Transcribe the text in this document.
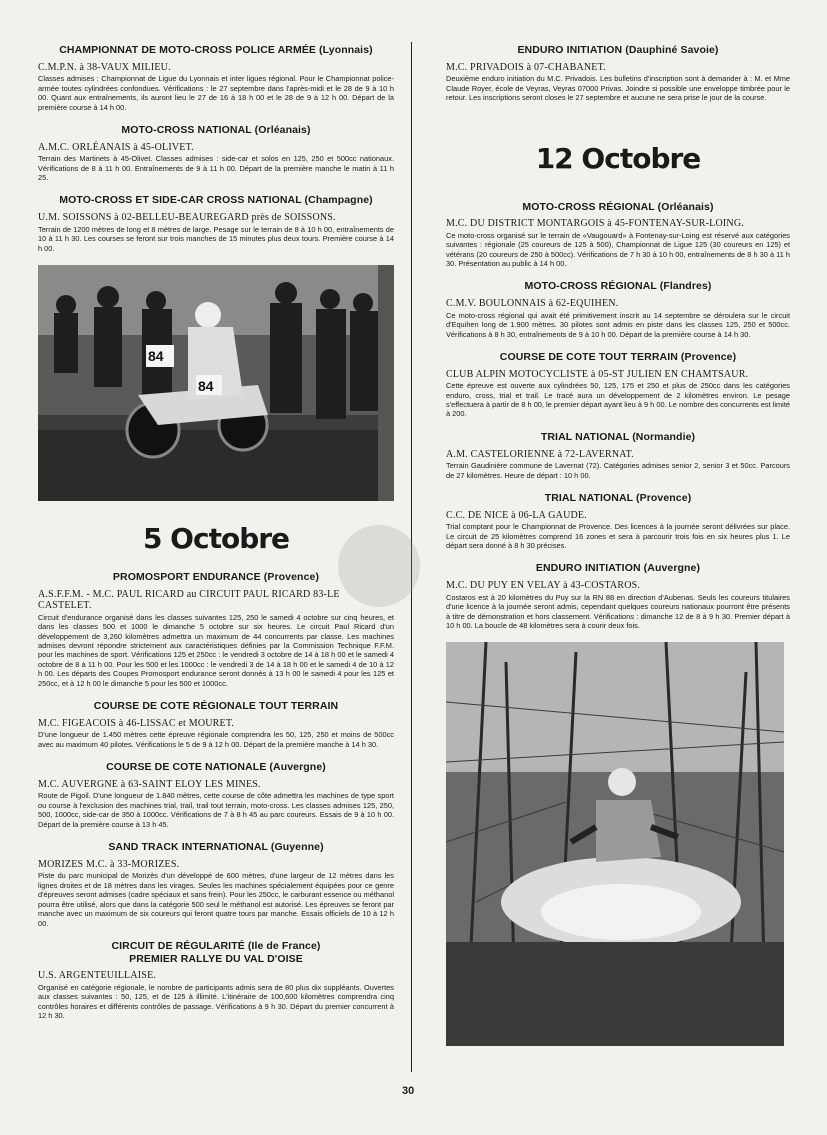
CHAMPIONNAT DE MOTO-CROSS POLICE ARMÉE (Lyonnais)
C.M.P.N. à 38-VAUX MILIEU.

Classes admises : Championnat de Ligue du Lyonnais et inter ligues régional. Pour le Championnat police-armée toutes cylindrées confondues. Vérifications : le 27 septembre dans l'après-midi et le 28 de 9 à 10 h 00. Quant aux entraînements, ils auront lieu le 27 de 16 à 18 h 00 et le 28 de 9 à 12 h 00. Départ de la première course à 14 h 00.

MOTO-CROSS NATIONAL (Orléanais)
A.M.C. ORLÉANAIS à 45-OLIVET.

Terrain des Martinets à 45-Olivet. Classes admises : side-car et solos en 125, 250 et 500cc nationaux. Vérifications de 8 à 11 h 00. Entraînements de 9 à 11 h 00. Départ de la première manche le matin à 11 h 25.

MOTO-CROSS ET SIDE-CAR CROSS NATIONAL (Champagne)
U.M. SOISSONS à 02-BELLEU-BEAUREGARD près de SOISSONS.

Terrain de 1200 mètres de long et 8 mètres de large. Pesage sur le terrain de 8 à 10 h 00, entraînements de 10 à 11 h 30. Les courses se feront sur trois manches de 15 minutes plus deux tours. Première course à 14 h 00.

84
84
5 Octobre
PROMOSPORT ENDURANCE (Provence)
A.S.F.F.M. - M.C. PAUL RICARD au CIRCUIT PAUL RICARD 83-LE CASTELET.

Circuit d'endurance organisé dans les classes suivantes 125, 250 le samedi 4 octobre sur cinq heures, et dans les classes 500 et 1000 le dimanche 5 octobre sur six heures. Le circuit Paul Ricard d'un développement de 3,260 kilomètres admettra un maximum de 44 concurrents par classe. Les machines admises devront répondre strictement aux caractéristiques définies par la Commission Technique F.F.M. pour les machines de sport. Vérifications 125 et 250cc : le vendredi 3 octobre de 14 à 18 h 00 et le samedi 4 octobre de 8 à 11 h 00. Pour les 500 et les 1000cc : le vendredi 3 de 14 à 18 h 00 et le samedi 4 de 10 à 12 h 00. Les départs des Coupes Promosport endurance seront donnés à 13 h 00 le samedi 4 pour les 125 et 250cc, et à 12 h 00 le dimanche 5 pour les 500 et 1000cc.

COURSE DE COTE RÉGIONALE TOUT TERRAIN
M.C. FIGEACOIS à 46-LISSAC et MOURET.

D'une longueur de 1.450 mètres cette épreuve régionale comprendra les 50, 125, 250 et moins de 500cc avec au maximum 40 pilotes. Vérifications le 5 de 9 à 12 h 00. Départ de la première manche à 14 h 30.

COURSE DE COTE NATIONALE (Auvergne)
M.C. AUVERGNE à 63-SAINT ELOY LES MINES.

Route de Pigoil. D'une longueur de 1.840 mètres, cette course de côte admettra les machines de type sport ou course à l'exclusion des machines trial, trail, trail tout terrain, moto-cross. Les classes admises 125, 250, 500, 1000cc, side-car de 350 à 1000cc. Vérifications de 7 à 8 h 45 au parc coureurs. Essais de 9 à 10 h 00. Départ de la première course à 13 h 45.

SAND TRACK INTERNATIONAL (Guyenne)
MORIZES M.C. à 33-MORIZES.

Piste du parc municipal de Morizès d'un développé de 600 mètres, d'une largeur de 12 mètres dans les lignes droites et de 18 mètres dans les virages. Seules les machines spécialement équipées pour ce genre d'épreuves seront admises (cadre spéciaux et sans frein). Pour les 250cc, le carburant essence ou méthanol pourra être utilisé, alors que dans la catégorie 500 seul le méthanol est autorisé. Les épreuves se feront par manche avec un maximum de six coureurs qui feront quatre tours par manche. Essais officiels de 10 à 12 h 00.

CIRCUIT DE RÉGULARITÉ (Ile de France)
PREMIER RALLYE DU VAL D'OISE
U.S. ARGENTEUILLAISE.

Organisé en catégorie régionale, le nombre de participants admis sera de 80 plus dix suppléants. Ouvertes aux classes suivantes : 50, 125, et de 125 à illimité. L'itinéraire de 100,600 kilomètres comprendra cinq contrôles horaires et différents contrôles de passage. Vérifications à 9 h 30. Départ du premier concurrent à 12 h 30.

ENDURO INITIATION (Dauphiné Savoie)
M.C. PRIVADOIS à 07-CHABANET.

Deuxième enduro initiation du M.C. Privadois. Les bulletins d'inscription sont à demander à : M. et Mme Claude Royer, école de Veyras, Veyras 07000 Privas. Joindre si possible une enveloppe timbrée pour le retour. Les inscriptions seront closes le 27 septembre et aucune ne sera prise le jour de la course.

12 Octobre
MOTO-CROSS RÉGIONAL (Orléanais)
M.C. DU DISTRICT MONTARGOIS à 45-FONTENAY-SUR-LOING.

Ce moto-cross organisé sur le terrain de «Vaugouard» à Fontenay-sur-Loing est réservé aux catégories suivantes : régionale (25 coureurs de 125 à 500), Championnat de Ligue 125 (30 coureurs en 125) et vétérans (20 coureurs de 250 à 500cc). Vérifications de 7 h 30 à 10 h 00, entraînements de 8 h 30 à 11 h 30. Présentation au public à 14 h 00.

MOTO-CROSS RÉGIONAL (Flandres)
C.M.V. BOULONNAIS à 62-EQUIHEN.

Ce moto-cross régional qui avait été primitivement inscrit au 14 septembre se déroulera sur le circuit d'Equihen long de 1.900 mètres. 30 pilotes sont admis en piste dans les classes 125, 250 et 500cc. Vérifications à 8 h 30, entraînements de 9 à 10 h 00. Départ de la première course à 14 h 30.

COURSE DE COTE TOUT TERRAIN (Provence)
CLUB ALPIN MOTOCYCLISTE à 05-ST JULIEN EN CHAMTSAUR.

Cette épreuve est ouverte aux cylindrées 50, 125, 175 et 250 et plus de 250cc dans les catégories enduro, cross, trial et trail. Le tracé aura un développement de 2 kilomètres environ. Le pesage s'effectuera à partir de 8 h 00, le premier départ ayant lieu à 9 h 00. Le nombre des concurrents est limité à 200.

TRIAL NATIONAL (Normandie)
A.M. CASTELORIENNE à 72-LAVERNAT.

Terrain Gaudinière commune de Lavernat (72). Catégories admises senior 2, senior 3 et 50cc. Parcours de 27 kilomètres. Heure de départ : 10 h 00.

TRIAL NATIONAL (Provence)
C.C. DE NICE à 06-LA GAUDE.

Trial comptant pour le Championnat de Provence. Des licences à la journée seront délivrées sur place. Le circuit de 25 kilomètres comprend 16 zones et sera à parcourir trois fois en six heures plus 1. Le départ sera donné à 8 h 30 précises.

ENDURO INITIATION (Auvergne)
M.C. DU PUY EN VELAY à 43-COSTAROS.

Costaros est à 20 kilomètres du Puy sur la RN 88 en direction d'Aubenas. Seuls les coureurs titulaires d'une licence à la journée seront admis, cependant quelques coureurs nationaux pourront être présents à titre de démonstration et hors classement. Vérifications : dimanche 12 de 8 à 9 h 30. Premier départ à 10 h 00. La boucle de 48 kilomètres sera à courir deux fois.

30
